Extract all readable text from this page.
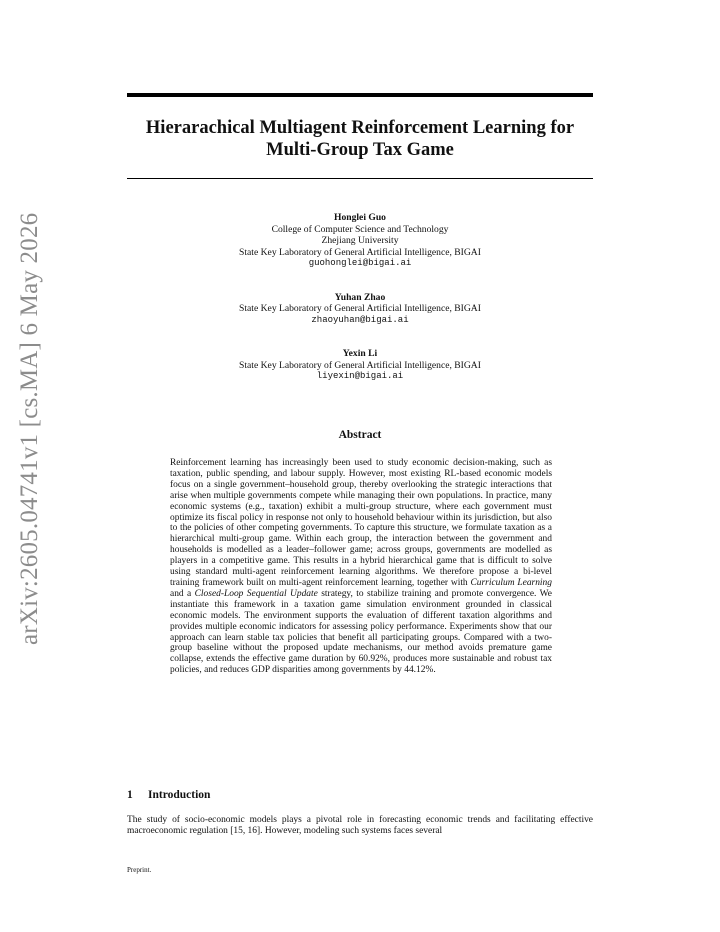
arXiv:2605.04741v1 [cs.MA] 6 May 2026
Hierarachical Multiagent Reinforcement Learning for
Multi-Group Tax Game
Honglei Guo
College of Computer Science and Technology
Zhejiang University
State Key Laboratory of General Artificial Intelligence, BIGAI
guohonglei@bigai.ai
Yuhan Zhao
State Key Laboratory of General Artificial Intelligence, BIGAI
zhaoyuhan@bigai.ai
Yexin Li
State Key Laboratory of General Artificial Intelligence, BIGAI
liyexin@bigai.ai
Abstract

Reinforcement learning has increasingly been used to study economic decision-making, such as taxation, public spending, and labour supply. However, most existing RL-based economic models focus on a single government–household group, thereby overlooking the strategic interactions that arise when multiple governments compete while managing their own populations. In practice, many economic systems (e.g., taxation) exhibit a multi-group structure, where each government must optimize its fiscal policy in response not only to household behaviour within its jurisdiction, but also to the policies of other competing governments. To capture this structure, we formulate taxation as a hierarchical multi-group game. Within each group, the interaction between the government and households is modelled as a leader–follower game; across groups, governments are modelled as players in a competitive game. This results in a hybrid hierarchical game that is difficult to solve using standard multi-agent reinforcement learning algorithms. We therefore propose a bi-level training framework built on multi-agent reinforcement learning, together with Curriculum Learning and a Closed-Loop Sequential Update strategy, to stabilize training and promote convergence. We instantiate this framework in a taxation game simulation environment grounded in classical economic models. The environment supports the evaluation of different taxation algorithms and provides multiple economic indicators for assessing policy performance. Experiments show that our approach can learn stable tax policies that benefit all participating groups. Compared with a two-group baseline without the proposed update mechanisms, our method avoids premature game collapse, extends the effective game duration by 60.92%, produces more sustainable and robust tax policies, and reduces GDP disparities among governments by 44.12%.

1 Introduction

The study of socio-economic models plays a pivotal role in forecasting economic trends and facilitating effective macroeconomic regulation [15, 16]. However, modeling such systems faces several

Preprint.
